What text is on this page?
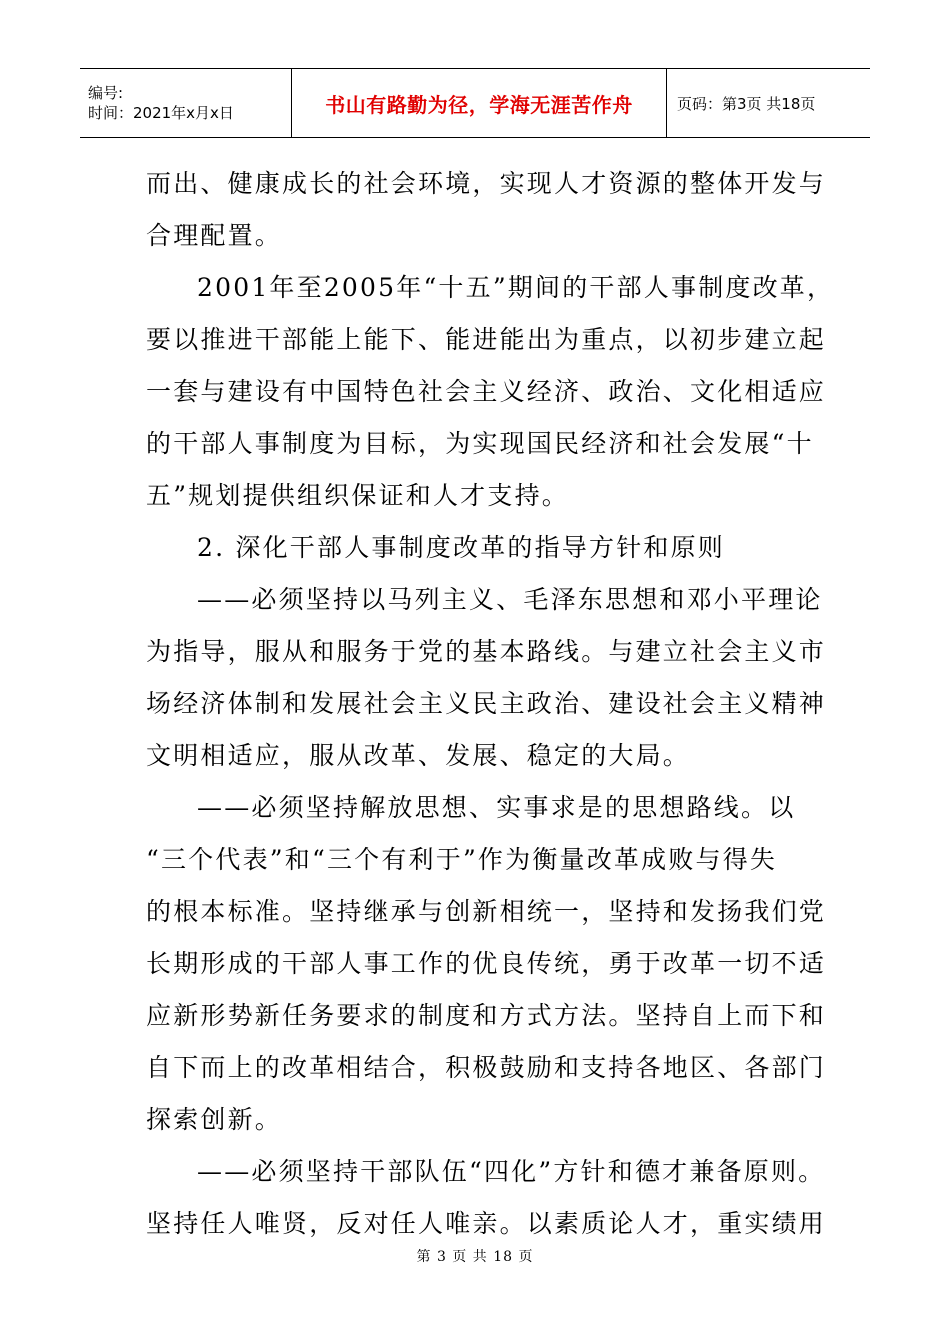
编号:
时间：2021年x月x日	书山有路勤为径，学海无涯苦作舟	页码：第3页 共18页
而出、健康成长的社会环境，实现人才资源的整体开发与
合理配置。
2001年至2005年“十五”期间的干部人事制度改革，
要以推进干部能上能下、能进能出为重点，以初步建立起
一套与建设有中国特色社会主义经济、政治、文化相适应
的干部人事制度为目标，为实现国民经济和社会发展“十
五”规划提供组织保证和人才支持。
2. 深化干部人事制度改革的指导方针和原则
——必须坚持以马列主义、毛泽东思想和邓小平理论
为指导，服从和服务于党的基本路线。与建立社会主义市
场经济体制和发展社会主义民主政治、建设社会主义精神
文明相适应，服从改革、发展、稳定的大局。
——必须坚持解放思想、实事求是的思想路线。以
“三个代表”和“三个有利于”作为衡量改革成败与得失
的根本标准。坚持继承与创新相统一，坚持和发扬我们党
长期形成的干部人事工作的优良传统，勇于改革一切不适
应新形势新任务要求的制度和方式方法。坚持自上而下和
自下而上的改革相结合，积极鼓励和支持各地区、各部门
探索创新。
——必须坚持干部队伍“四化”方针和德才兼备原则。
坚持任人唯贤，反对任人唯亲。以素质论人才，重实绩用
第 3 页 共 18 页
